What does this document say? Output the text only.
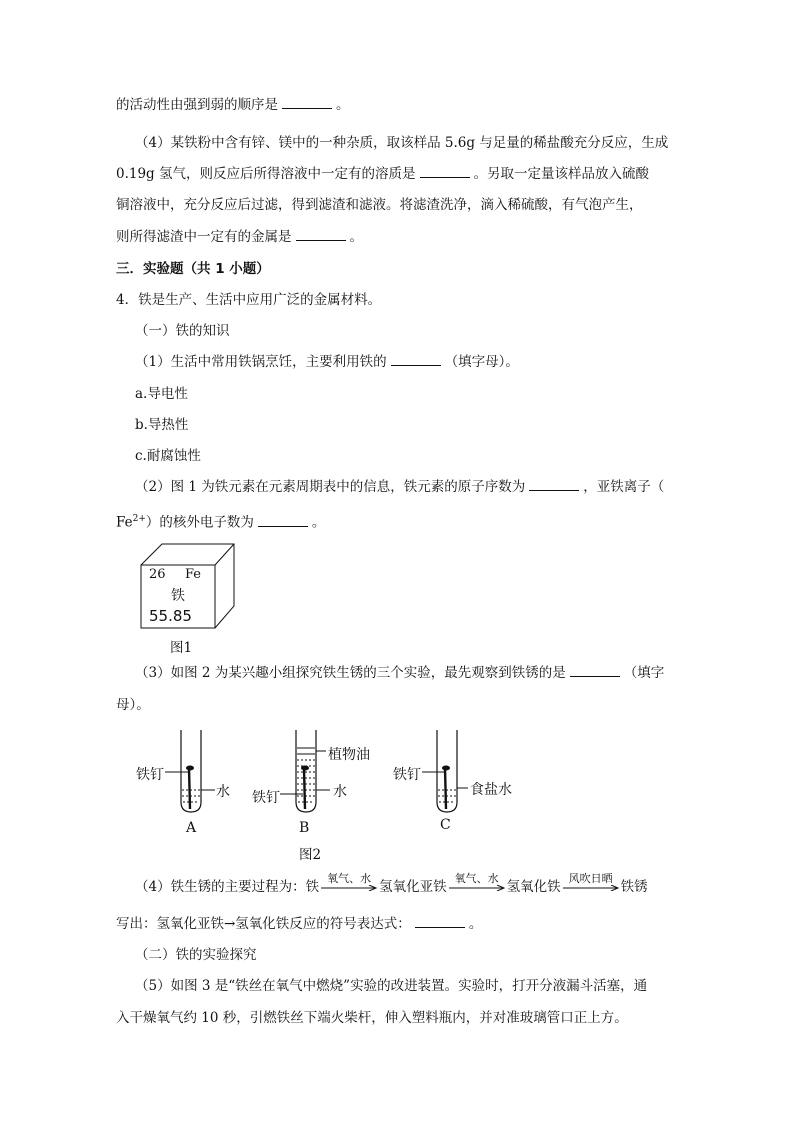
的活动性由强到弱的顺序是	。
（4）某铁粉中含有锌、镁中的一种杂质，取该样品 5.6g 与足量的稀盐酸充分反应，生成
0.19g 氢气，则反应后所得溶液中一定有的溶质是	。另取一定量该样品放入硫酸
铜溶液中，充分反应后过滤，得到滤渣和滤液。将滤渣洗净，滴入稀硫酸，有气泡产生，
则所得滤渣中一定有的金属是	。
三．实验题（共 1 小题）
4．铁是生产、生活中应用广泛的金属材料。
（一）铁的知识
（1）生活中常用铁锅烹饪，主要利用铁的	（填字母）。
a.导电性
b.导热性
c.耐腐蚀性
（2）图 1 为铁元素在元素周期表中的信息，铁元素的原子序数为	，亚铁离子（
$Fe^{2+}$）的核外电子数为	。
26 Fe
铁
55.85
图1
（3）如图 2 为某兴趣小组探究铁生锈的三个实验，最先观察到铁锈的是	（填字
母）。
铁钉
水
A
植物油
铁钉	水
B
铁钉
食盐水
C
图2
（4）铁生锈的主要过程为：铁
氧气、水
氢氧化亚铁
氧气、水
氢氧化铁
风吹日晒
铁锈
写出：氢氧化亚铁→氢氧化铁反应的符号表达式：	。
（二）铁的实验探究
（5）如图 3 是“铁丝在氧气中燃烧”实验的改进装置。实验时，打开分液漏斗活塞，通
入干燥氧气约 10 秒，引燃铁丝下端火柴杆，伸入塑料瓶内，并对准玻璃管口正上方。
